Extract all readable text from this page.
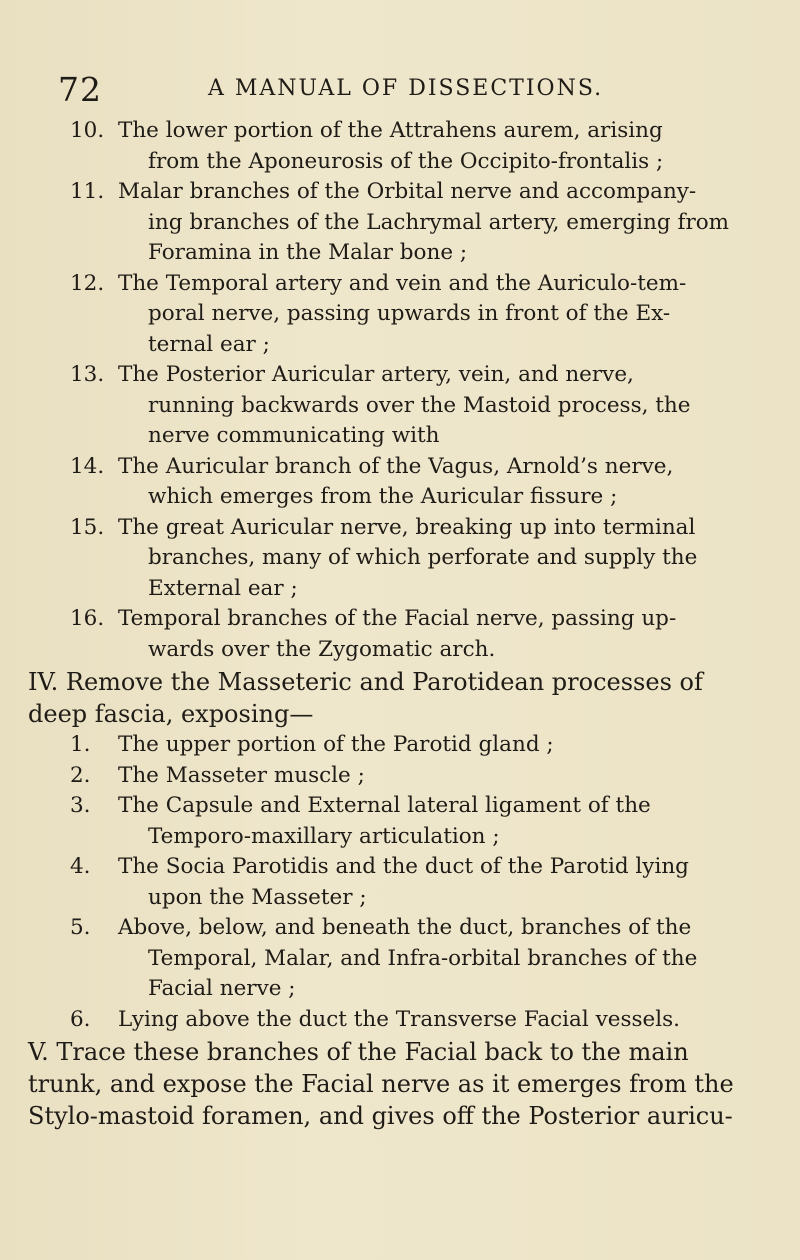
72	A MANUAL OF DISSECTIONS.
10. The lower portion of the Attrahens aurem, arising
from the Aponeurosis of the Occipito-frontalis ;
11. Malar branches of the Orbital nerve and accompany-
ing branches of the Lachrymal artery, emerging from
Foramina in the Malar bone ;
12. The Temporal artery and vein and the Auriculo-tem-
poral nerve, passing upwards in front of the Ex-
ternal ear ;
13. The Posterior Auricular artery, vein, and nerve,
running backwards over the Mastoid process, the
nerve communicating with
14. The Auricular branch of the Vagus, Arnold’s nerve,
which emerges from the Auricular fissure ;
15. The great Auricular nerve, breaking up into terminal
branches, many of which perforate and supply the
External ear ;
16. Temporal branches of the Facial nerve, passing up-
wards over the Zygomatic arch.
IV. Remove the Masseteric and Parotidean processes of
deep fascia, exposing—
1. The upper portion of the Parotid gland ;
2. The Masseter muscle ;
3. The Capsule and External lateral ligament of the
Temporo-maxillary articulation ;
4. The Socia Parotidis and the duct of the Parotid lying
upon the Masseter ;
5. Above, below, and beneath the duct, branches of the
Temporal, Malar, and Infra-orbital branches of the
Facial nerve ;
6. Lying above the duct the Transverse Facial vessels.
V. Trace these branches of the Facial back to the main
trunk, and expose the Facial nerve as it emerges from the
Stylo-mastoid foramen, and gives off the Posterior auricu-
